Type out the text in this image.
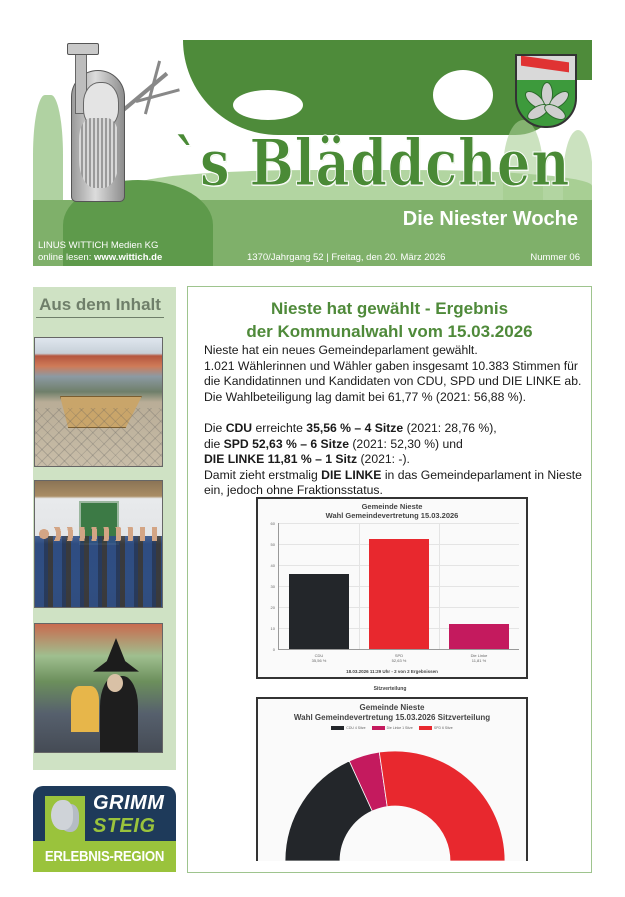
`s Bläddchen
Die Niester Woche
LINUS WITTICH Medien KG
online lesen: www.wittich.de	1370/Jahrgang 52 | Freitag, den 20. März 2026	Nummer 06
Aus dem Inhalt
GRIMM
STEIG
ERLEBNIS-REGION
Nieste hat gewählt - Ergebnis
der Kommunalwahl vom 15.03.2026

Nieste hat ein neues Gemeindeparlament gewählt.

1.021 Wählerinnen und Wähler gaben insgesamt 10.383 Stimmen für die Kandidatinnen und Kandidaten von CDU, SPD und DIE LINKE ab.

Die Wahlbeteiligung lag damit bei 61,77 % (2021: 56,88 %).

Die CDU erreichte 35,56 % – 4 Sitze (2021: 28,76 %),

die SPD 52,63 % – 6 Sitze (2021: 52,30 %) und

DIE LINKE 11,81 % – 1 Sitz (2021: -).

Damit zieht erstmalig DIE LINKE in das Gemeindeparlament in Nieste ein, jedoch ohne Fraktionsstatus.

Gemeinde Nieste
Wahl Gemeindevertretung 15.03.2026
60
50
40
30
20
10
0
CDU
35,56 %
SPD
52,63 %
Die Linke
11,81 %
18.03.2026 11:29 Uhr - 2 von 2 Ergebnissen
Sitzverteilung
Gemeinde Nieste
Wahl Gemeindevertretung 15.03.2026 Sitzverteilung
CDU 4 Sitze	Die Linke 1 Sitze	SPD 6 Sitze
